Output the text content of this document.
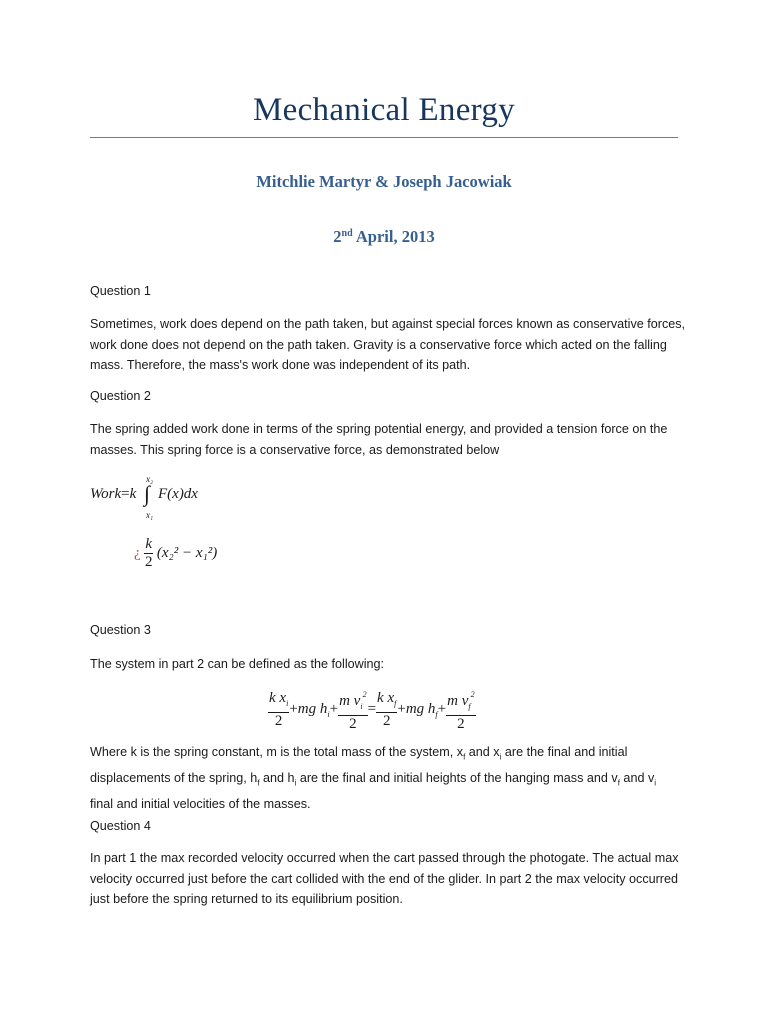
Mechanical Energy
Mitchlie Martyr & Joseph Jacowiak
2nd April, 2013

Question 1

Sometimes, work does depend on the path taken, but against special forces known as conservative forces, work done does not depend on the path taken. Gravity is a conservative force which acted on the falling mass. Therefore, the mass's work done was independent of its path.

Question 2

The spring added work done in terms of the spring potential energy, and provided a tension force on the masses. This spring force is a conservative force, as demonstrated below

Work=k
x₂
∫
x₁
F(x)dx
¿ $\frac{k}{2} (x_2^2 - x_1^2)$

Question 3

The system in part 2 can be defined as the following:

$\frac{k x_i}{2} +mg$ $h_i+ \frac{m v_i^2}{2} = \frac{k x_f}{2} +mg$ $h_f+ \frac{m v_f^2}{2}$

Where k is the spring constant, m is the total mass of the system, $x_f$ and $x_i$ are the final and initial
displacements of the spring, $h_f$ and $h_i$ are the final and initial heights of the hanging mass and $v_f$ and $v_i$
final and initial velocities of the masses.

Question 4

In part 1 the max recorded velocity occurred when the cart passed through the photogate. The actual max velocity occurred just before the cart collided with the end of the glider. In part 2 the max velocity occurred just before the spring returned to its equilibrium position.
